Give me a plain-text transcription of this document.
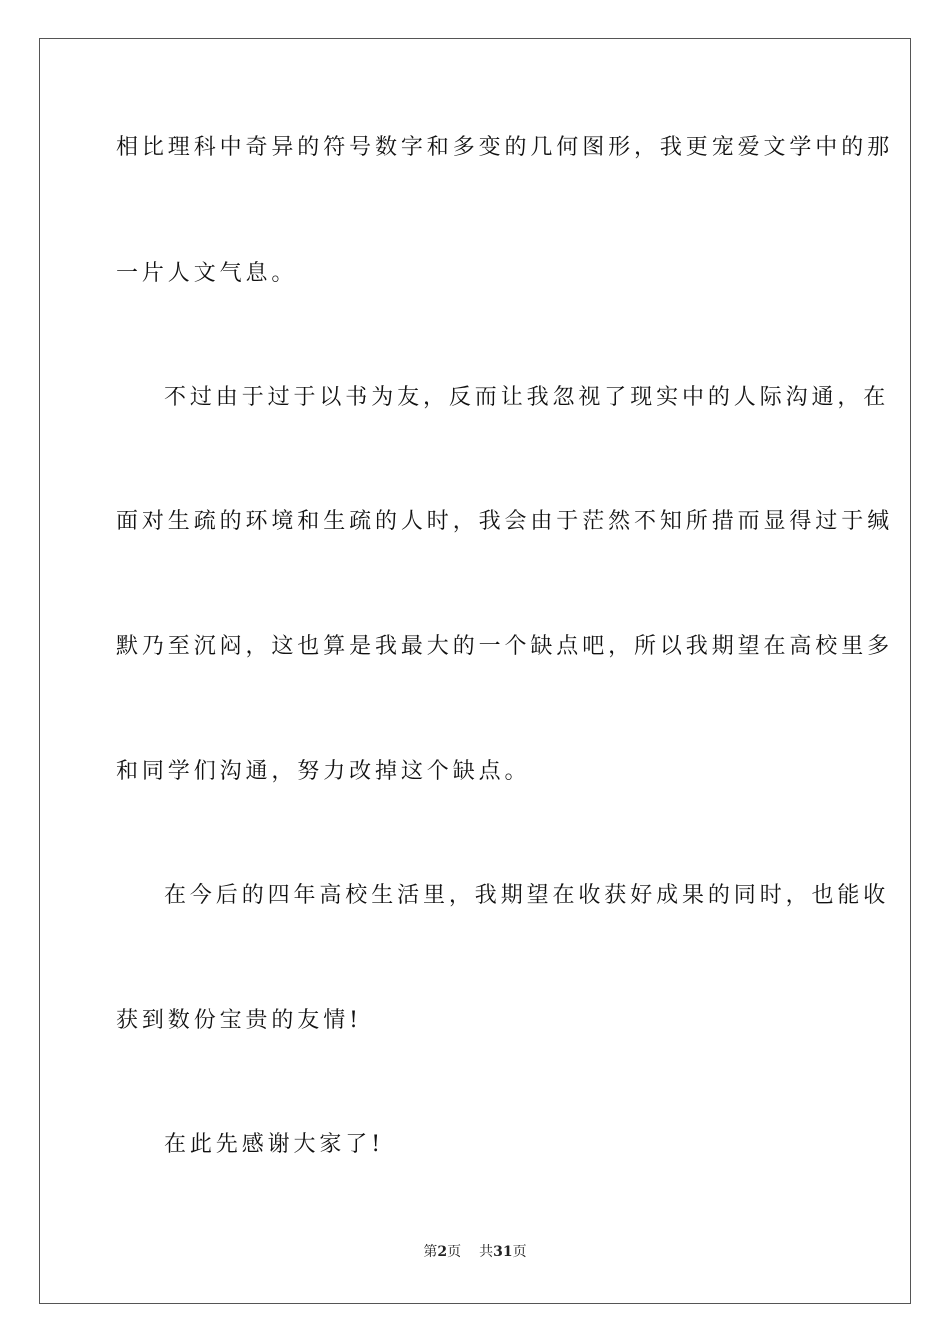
相比理科中奇异的符号数字和多变的几何图形，我更宠爱文学中的那
一片人文气息。
不过由于过于以书为友，反而让我忽视了现实中的人际沟通，在
面对生疏的环境和生疏的人时，我会由于茫然不知所措而显得过于缄
默乃至沉闷，这也算是我最大的一个缺点吧，所以我期望在高校里多
和同学们沟通，努力改掉这个缺点。
在今后的四年高校生活里，我期望在收获好成果的同时，也能收
获到数份宝贵的友情!
在此先感谢大家了!
第2页 共31页
